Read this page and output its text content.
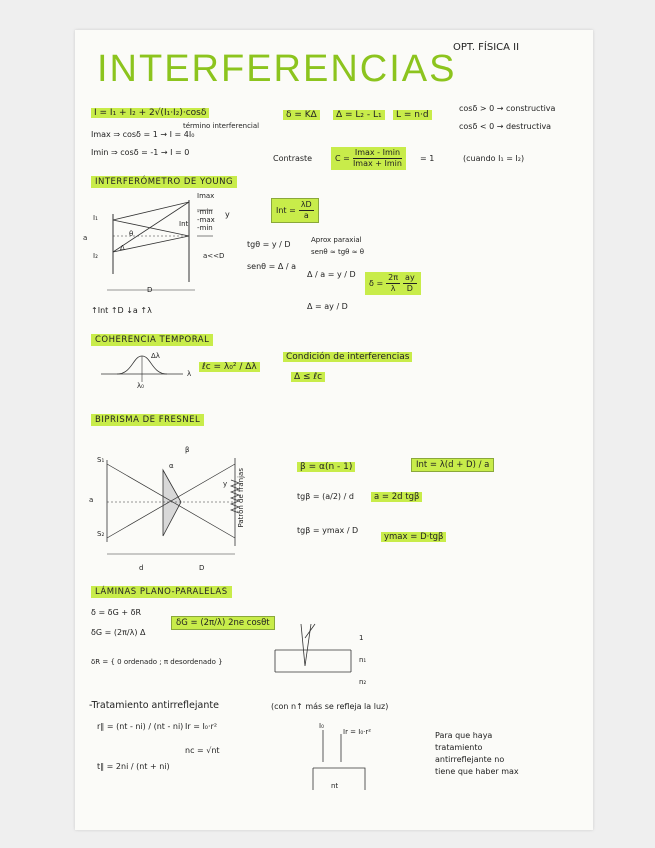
INTERFERENCIAS
OPT. FÍSICA II
I = I₁ + I₂ + 2√(I₁·I₂)·cosδ
término interferencial
δ = KΔ	Δ = L₂ - L₁	L = n·d
cosδ > 0 → constructiva
cosδ < 0 → destructiva
Imax ⇒ cosδ = 1 → I = 4I₀
Imin ⇒ cosδ = -1 → I = 0
Contraste	$C = \frac{Imax - Imin}{Imax + Imin} = 1$	(cuando I₁ = I₂)
INTERFERÓMETRO DE YOUNG
I₁
I₂
a
Δ
θ
Imax
-min
-max
-min
Int
y
a<<D
D
Int = $\frac{\lambda D}{a}$
tgθ = y / D
senθ = Δ / a
Aprox paraxial
senθ ≈ tgθ ≈ θ
Δ / a = y / D
$\delta = \frac{2\pi}{\lambda} \frac{ay}{D}$
Δ = ay / D
↑Int ↑D ↓a ↑λ
COHERENCIA TEMPORAL
Δλ
λ
λ₀
ℓc = λ₀² / Δλ
Condición de interferencias
Δ ≤ ℓc
BIPRISMA DE FRESNEL
S₁
S₂
a
α
β
y Patrón de franjas
d	D
β = α(n - 1)	Int = λ(d + D) / a
tgβ = (a/2) / d	a = 2d tgβ
tgβ = ymax / D
ymax = D·tgβ
LÁMINAS PLANO-PARALELAS
δ = δG + δR
δG = (2π/λ) Δ
δG = (2π/λ) 2ne cosθt
δR = { 0 ordenado ; π desordenado }
1
n₁
n₂
-Tratamiento antirreflejante	(con n↑ más se refleja la luz)
r∥ = (nt - ni) / (nt - ni) Ir = I₀·r²
nc = √nt
t∥ = 2ni / (nt + ni)
I₀
Ir = I₀·r²
nt
Para que haya
tratamiento
antirreflejante no
tiene que haber max
